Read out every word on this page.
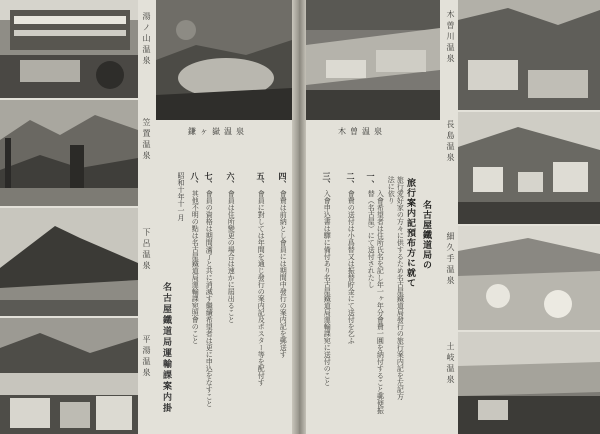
湯ノ山温泉
笠置温泉
下呂温泉
平湯温泉
鎌ヶ嶽温泉	木曽温泉
名古屋鐵道局運輸課案内掛
昭和十年十一月 八、
其他不明の點は名古屋鐵道局運輸課宛照會のこと
七、
會員の資格は期間滿了と共に消滅す繼續希望者は更に申込をなすこと
六、
會員は住所變更の場合は速かに屆出ること
五、
會員に對しては年間を通じ發行の案内記及ポスター等を配付す
四、
會費は前納とし會員には期間中發行の案内記を郵送す
三、
入會申込書は驛に備付あり名古屋鐵道局運輸課宛に送付のこと
二、
會費の送付は小爲替又は振替貯金にて送付を乞ふ
一、
入會希望者は住所氏名を記し年一ヶ年分會費一圓を納付すること郵便振替（名古屋）にて送付されたし	旅行愛好家の方々に供するため名古屋鐵道局發行の旅行案内記を左記方法に依り	旅行案内記預布方に就て 名古屋鐵道局の
木曽川温泉
長島温泉
細久手温泉
土岐温泉
